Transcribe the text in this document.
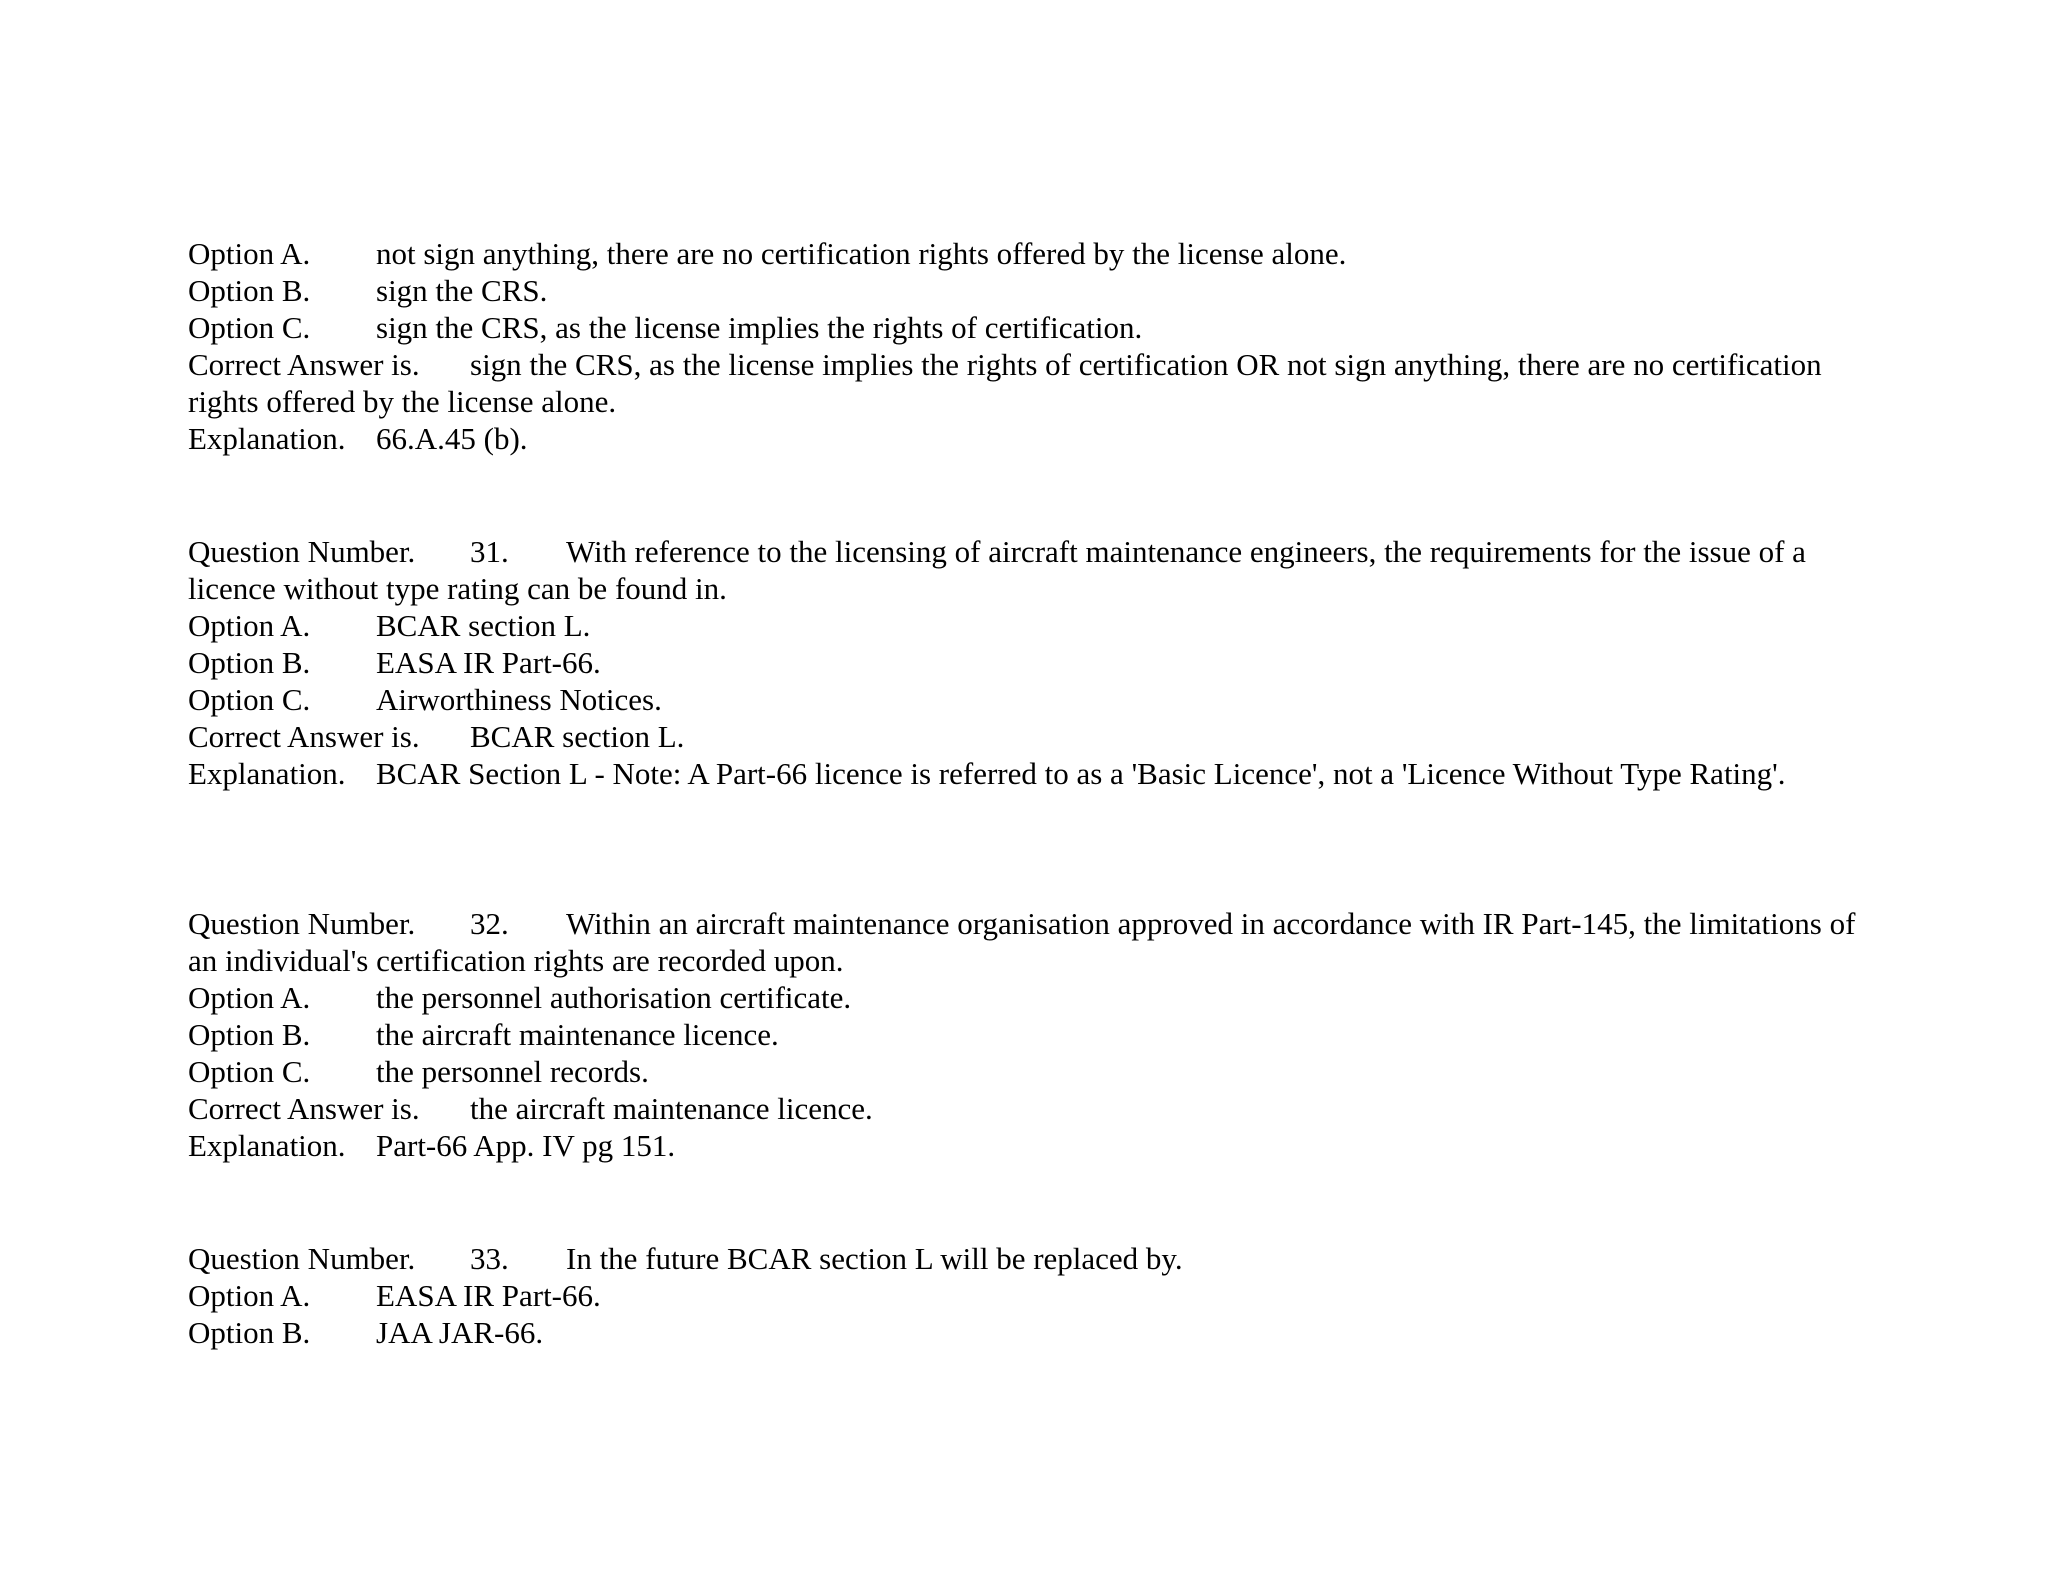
Option A. not sign anything, there are no certification rights offered by the license alone.
Option B. sign the CRS.
Option C. sign the CRS, as the license implies the rights of certification.
Correct Answer is. sign the CRS, as the license implies the rights of certification OR not sign anything, there are no certification
rights offered by the license alone.
Explanation. 66.A.45 (b).
Question Number. 31. With reference to the licensing of aircraft maintenance engineers, the requirements for the issue of a
licence without type rating can be found in.
Option A. BCAR section L.
Option B. EASA IR Part-66.
Option C. Airworthiness Notices.
Correct Answer is. BCAR section L.
Explanation. BCAR Section L - Note: A Part-66 licence is referred to as a 'Basic Licence', not a 'Licence Without Type Rating'.
Question Number. 32. Within an aircraft maintenance organisation approved in accordance with IR Part-145, the limitations of
an individual's certification rights are recorded upon.
Option A. the personnel authorisation certificate.
Option B. the aircraft maintenance licence.
Option C. the personnel records.
Correct Answer is. the aircraft maintenance licence.
Explanation. Part-66 App. IV pg 151.
Question Number. 33. In the future BCAR section L will be replaced by.
Option A. EASA IR Part-66.
Option B. JAA JAR-66.
